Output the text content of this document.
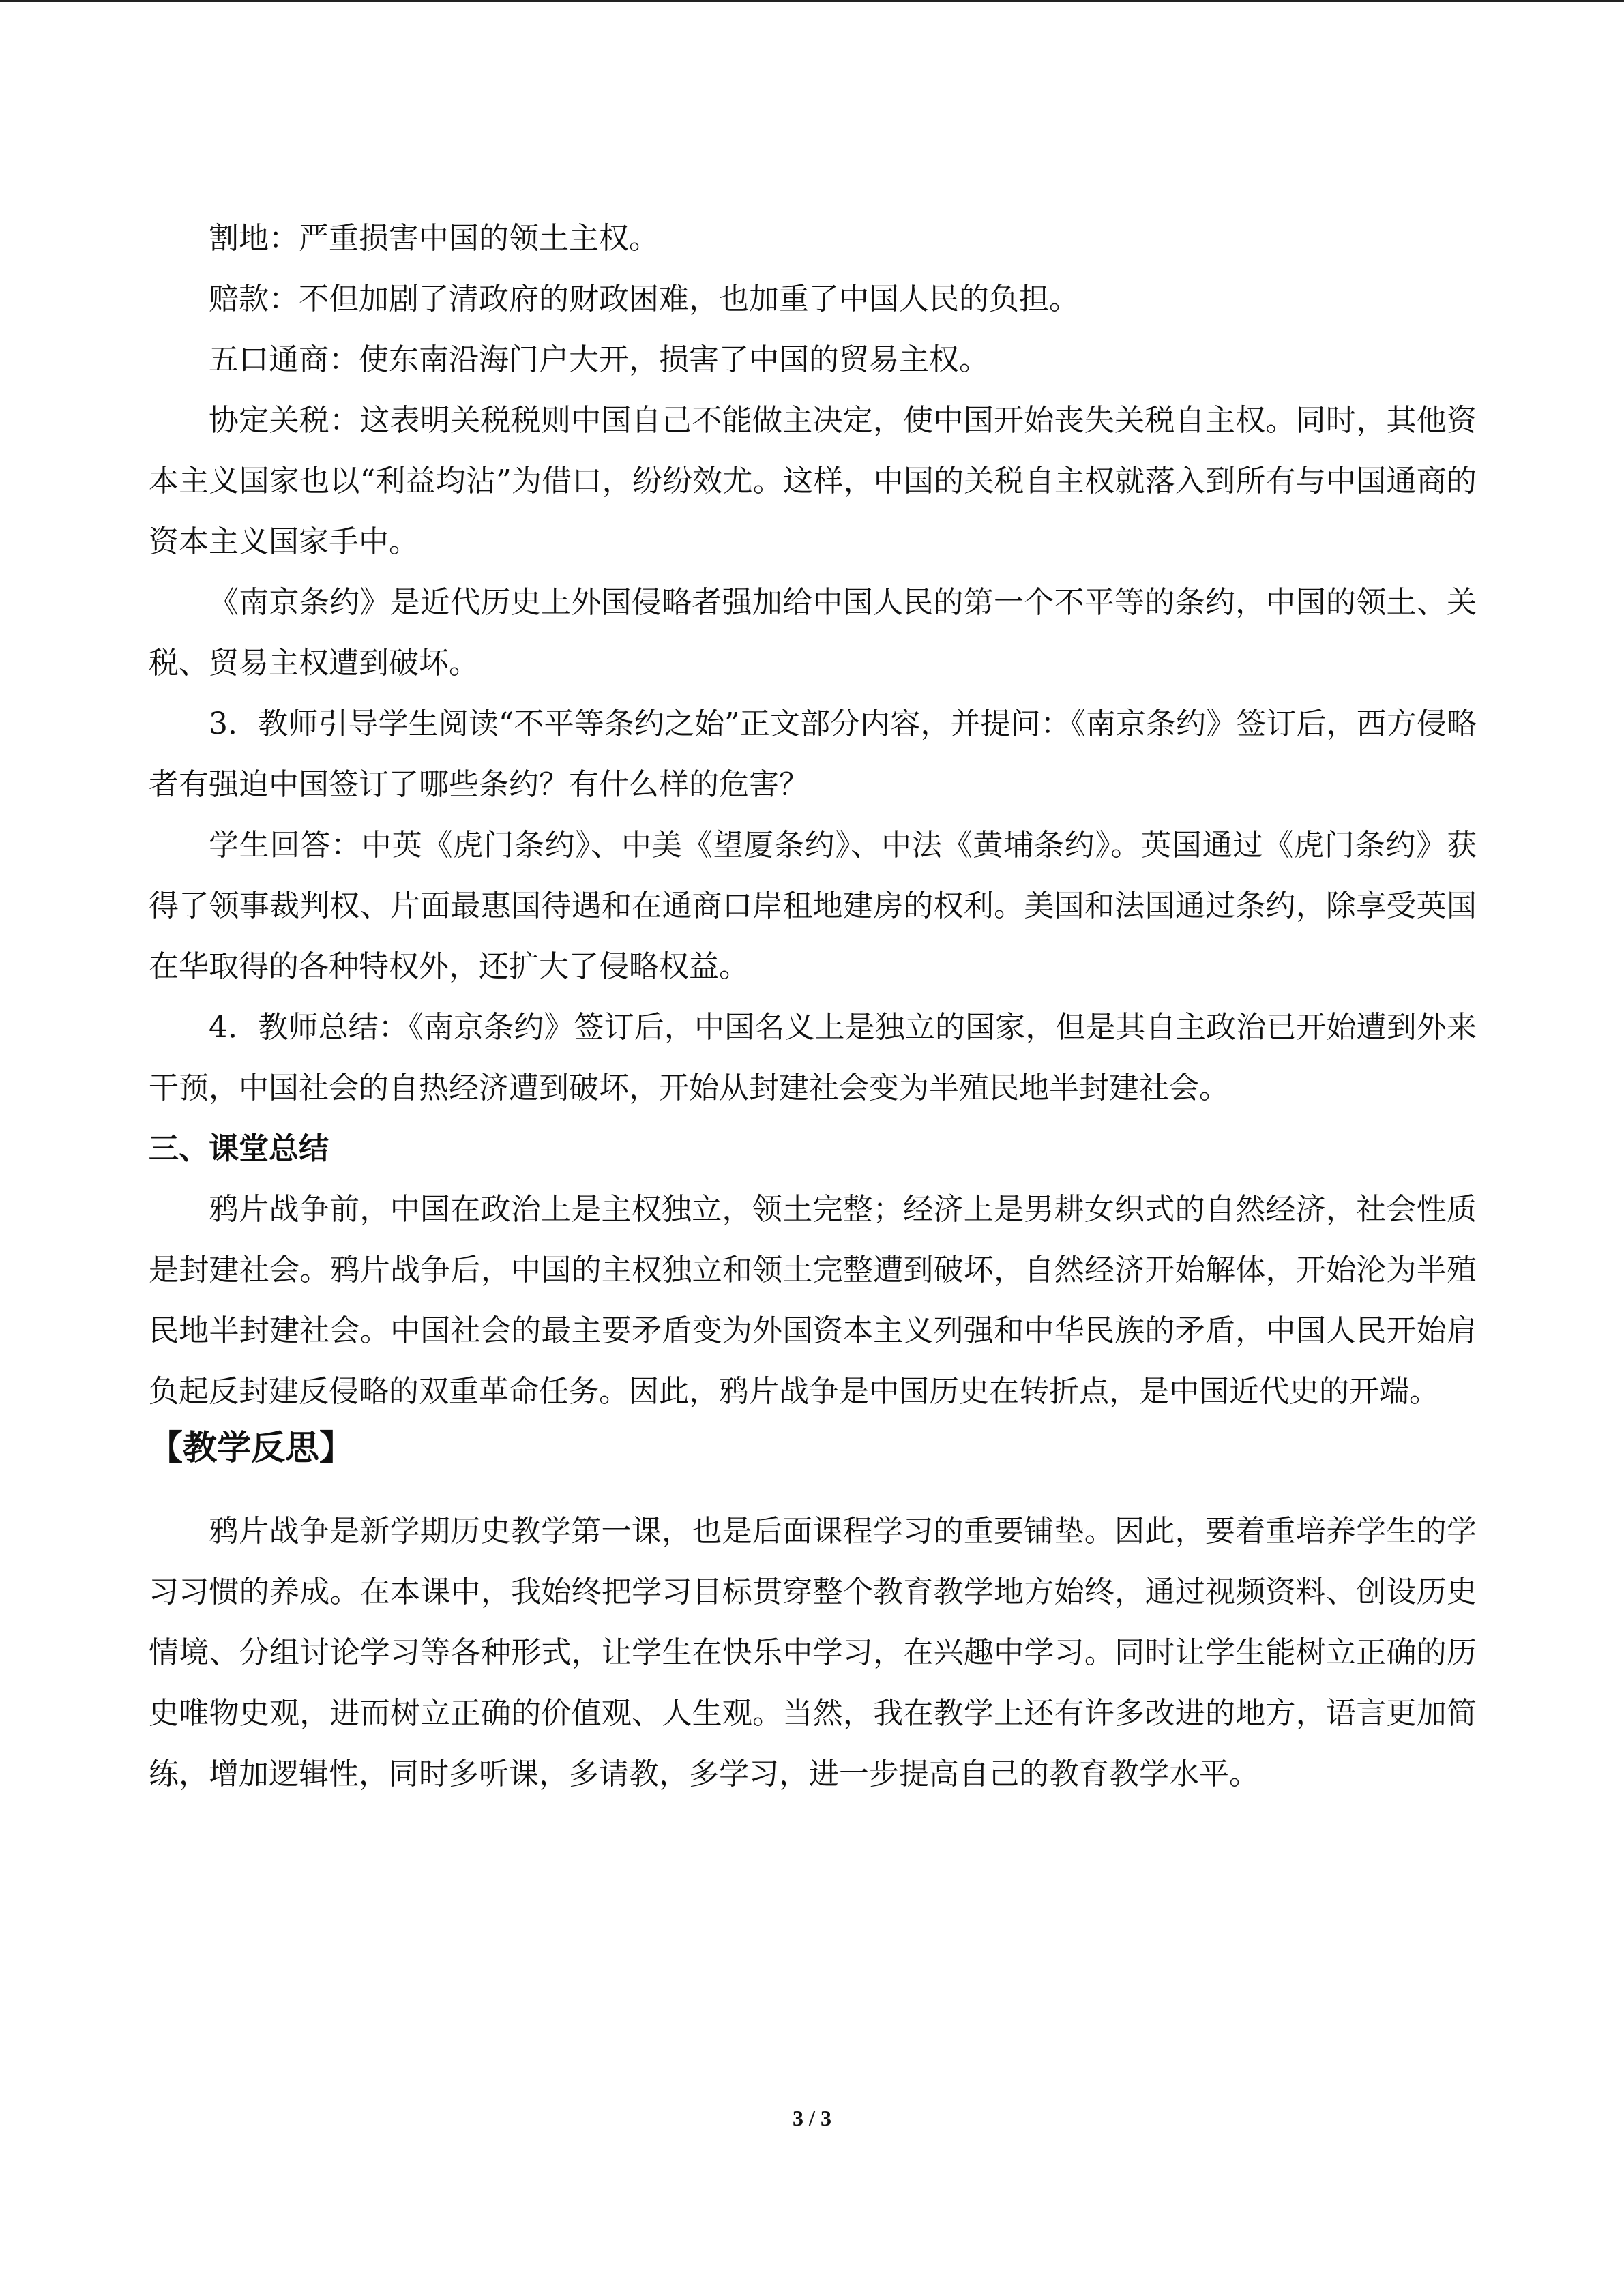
割地：严重损害中国的领土主权。

赔款：不但加剧了清政府的财政困难，也加重了中国人民的负担。

五口通商：使东南沿海门户大开，损害了中国的贸易主权。

协定关税：这表明关税税则中国自己不能做主决定，使中国开始丧失关税自主权。同时，其他资本主义国家也以“利益均沾”为借口，纷纷效尤。这样，中国的关税自主权就落入到所有与中国通商的资本主义国家手中。

《南京条约》是近代历史上外国侵略者强加给中国人民的第一个不平等的条约，中国的领土、关税、贸易主权遭到破坏。

3．教师引导学生阅读“不平等条约之始”正文部分内容，并提问：《南京条约》签订后，西方侵略者有强迫中国签订了哪些条约？有什么样的危害？

学生回答：中英《虎门条约》、中美《望厦条约》、中法《黄埔条约》。英国通过《虎门条约》获得了领事裁判权、片面最惠国待遇和在通商口岸租地建房的权利。美国和法国通过条约，除享受英国在华取得的各种特权外，还扩大了侵略权益。

4．教师总结：《南京条约》签订后，中国名义上是独立的国家，但是其自主政治已开始遭到外来干预，中国社会的自热经济遭到破坏，开始从封建社会变为半殖民地半封建社会。

三、课堂总结

鸦片战争前，中国在政治上是主权独立，领土完整；经济上是男耕女织式的自然经济，社会性质是封建社会。鸦片战争后，中国的主权独立和领土完整遭到破坏，自然经济开始解体，开始沦为半殖民地半封建社会。中国社会的最主要矛盾变为外国资本主义列强和中华民族的矛盾，中国人民开始肩负起反封建反侵略的双重革命任务。因此，鸦片战争是中国历史在转折点，是中国近代史的开端。

【教学反思】

鸦片战争是新学期历史教学第一课，也是后面课程学习的重要铺垫。因此，要着重培养学生的学习习惯的养成。在本课中，我始终把学习目标贯穿整个教育教学地方始终，通过视频资料、创设历史情境、分组讨论学习等各种形式，让学生在快乐中学习，在兴趣中学习。同时让学生能树立正确的历史唯物史观，进而树立正确的价值观、人生观。当然，我在教学上还有许多改进的地方，语言更加简练，增加逻辑性，同时多听课，多请教，多学习，进一步提高自己的教育教学水平。

3 / 3
